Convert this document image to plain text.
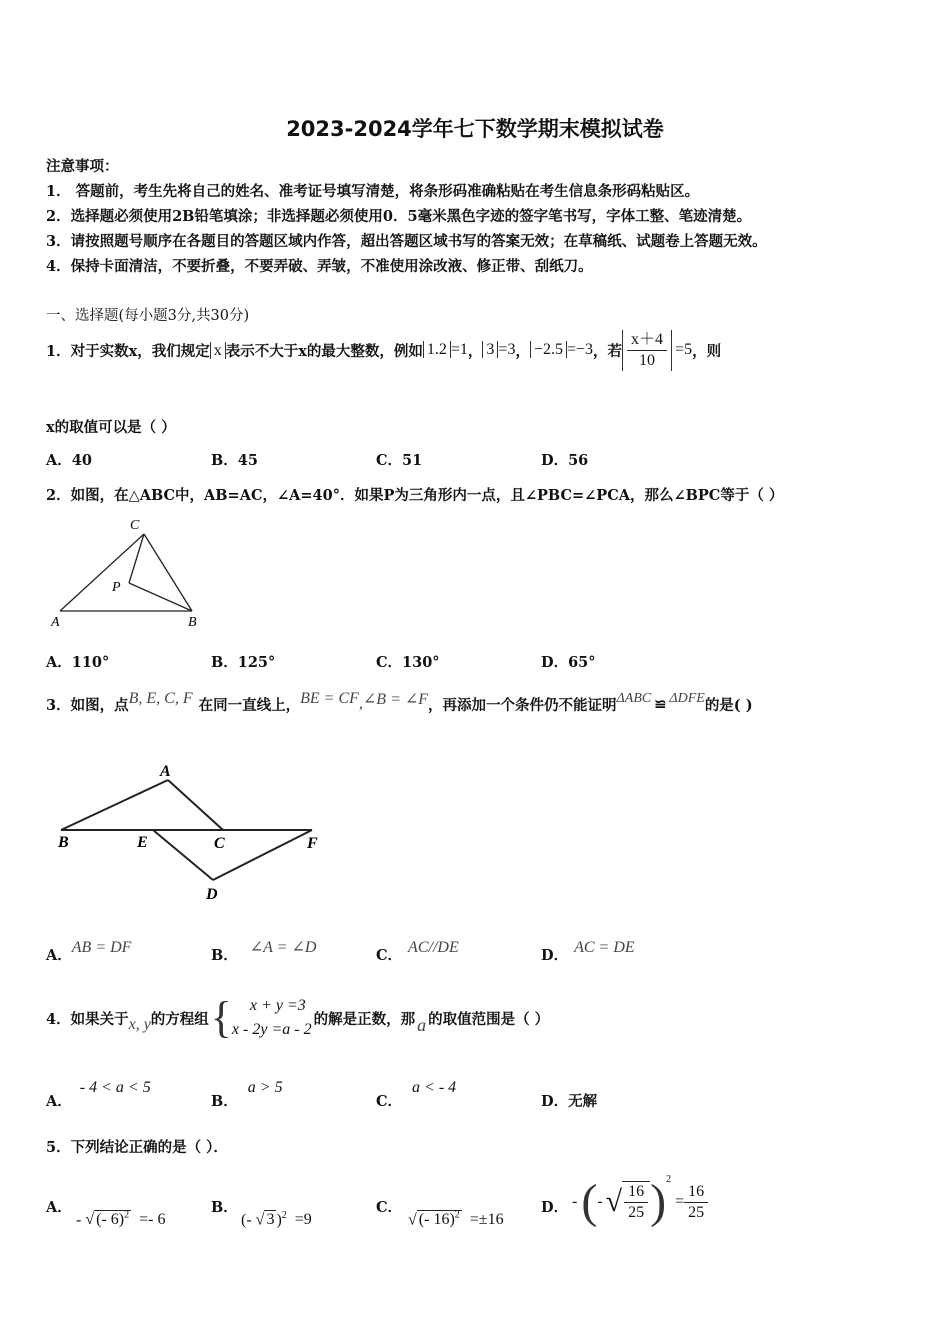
2023-2024学年七下数学期末模拟试卷
注意事项：
1． 答题前，考生先将自己的姓名、准考证号填写清楚，将条形码准确粘贴在考生信息条形码粘贴区。
2．选择题必须使用2B铅笔填涂；非选择题必须使用0．5毫米黑色字迹的签字笔书写，字体工整、笔迹清楚。
3．请按照题号顺序在各题目的答题区域内作答，超出答题区域书写的答案无效；在草稿纸、试题卷上答题无效。
4．保持卡面清洁，不要折叠，不要弄破、弄皱，不准使用涂改液、修正带、刮纸刀。
一、选择题(每小题3分,共30分)
1．对于实数x，我们规定 x 表示不大于x的最大整数，例如 1.2 =1 ， 3 =3 ， −2.5 =−3 ，若 $\frac{x+4}{10} =5$ ，则
x的取值可以是（ ）
A．40	B．45	C．51	D．56
2．如图，在△ABC中，AB=AC，∠A=40°．如果P为三角形内一点，且∠PBC=∠PCA，那么∠BPC等于（ ）
C
P
A	B
A．110°	B．125°	C．130°	D．65°
3．如图，点 B, E, C, F 在同一直线上， BE = CF , ∠B = ∠F ，再添加一个条件仍不能证明 ΔABC ≌ ΔDFE 的是( )
A
B	E	C	F
D
A．AB = DF	B． ∠A = ∠D	C． AC//DE	D． AC = DE
4．如果关于 x, y 的方程组 {	x + y =3
x - 2y =a - 2
的解是正数，那 a 的取值范围是（ ）
A．- 4 < a < 5
B．a > 5
C．a < - 4
D．无解
5．下列结论正确的是（ ）．
A．
- √ (- 6)$^2$ =- 6
B．
(- √ 3 )$^2$ =9
C．
√ (- 16)$^2$ =±16
D． - ( - √ $\frac{16}{25} )^2$
= $\frac{16}{25}$
